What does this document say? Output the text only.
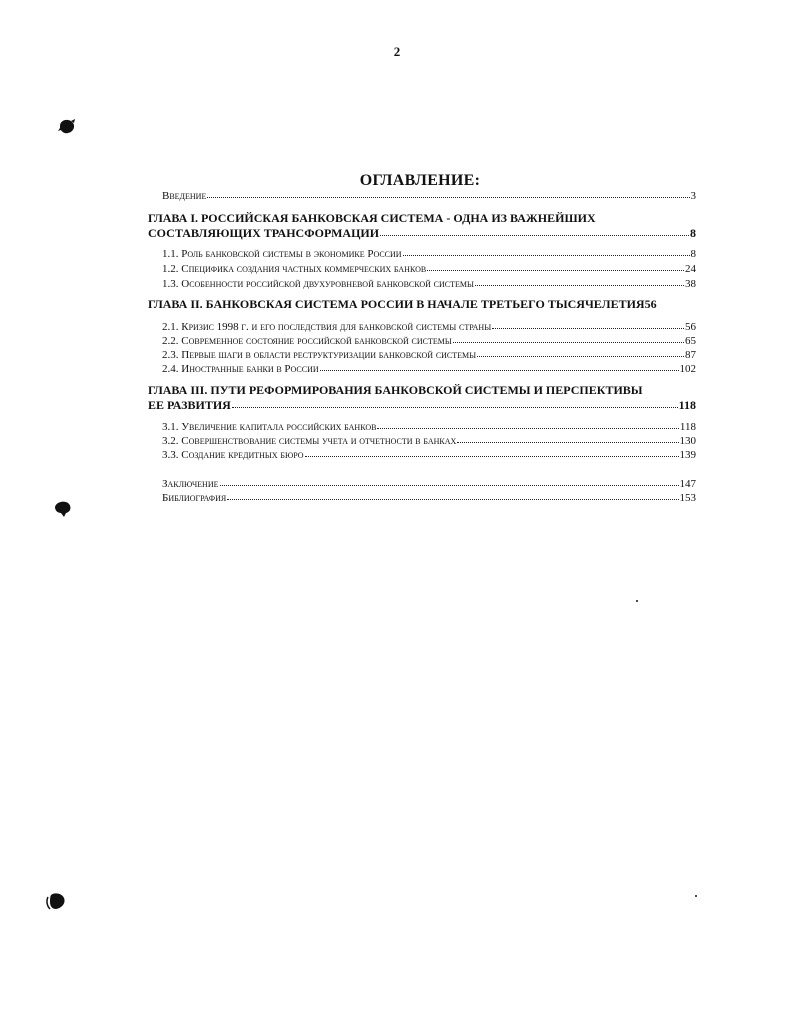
2
ОГЛАВЛЕНИЕ:
Введение	3
ГЛАВА I. РОССИЙСКАЯ БАНКОВСКАЯ СИСТЕМА - ОДНА ИЗ ВАЖНЕЙШИХ
СОСТАВЛЯЮЩИХ ТРАНСФОРМАЦИИ	8
1.1. Роль банковской системы в экономике России	8
1.2. Специфика создания частных коммерческих банков	24
1.3. Особенности российской двухуровневой банковской системы	38
ГЛАВА II. БАНКОВСКАЯ СИСТЕМА РОССИИ В НАЧАЛЕ ТРЕТЬЕГО ТЫСЯЧЕЛЕТИЯ 56
2.1. Кризис 1998 г. и его последствия для банковской системы страны	56
2.2. Современное состояние российской банковской системы	65
2.3. Первые шаги в области реструктуризации банковской системы	87
2.4. Иностранные банки в России	102
ГЛАВА III. ПУТИ РЕФОРМИРОВАНИЯ БАНКОВСКОЙ СИСТЕМЫ И ПЕРСПЕКТИВЫ
ЕЕ РАЗВИТИЯ	118
3.1. Увеличение капитала российских банков	118
3.2. Совершенствование системы учета и отчетности в банках	130
3.3. Создание кредитных бюро	139
Заключение	147
Библиография	153
